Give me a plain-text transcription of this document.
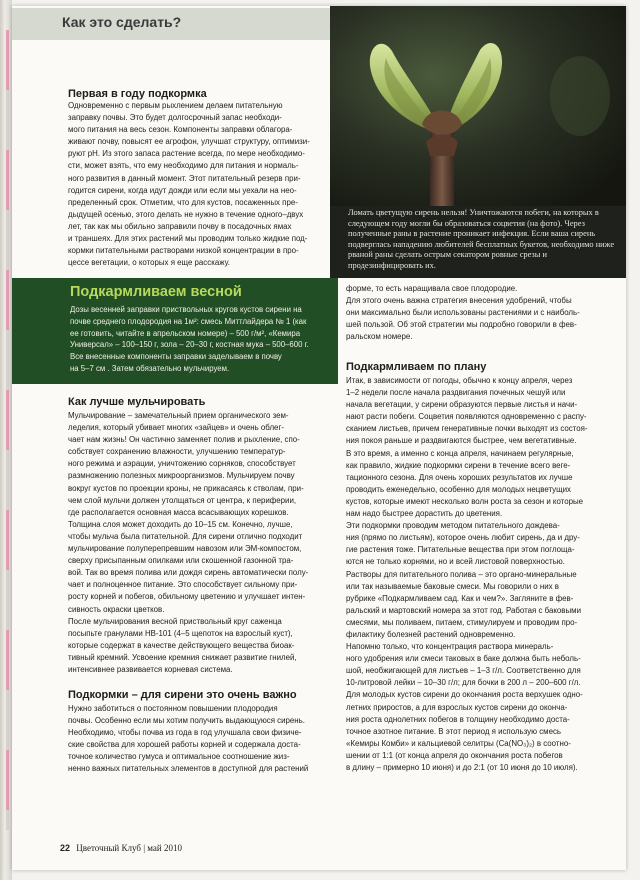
Как это сделать?
Ломать цветущую сирень нельзя! Уничтожаются побеги, на которых в следующем году могли бы образоваться соцветия (на фото). Через полученные раны в растение проникает инфекция. Если ваша сирень подверглась нападению любителей бесплатных букетов, необходимо ниже рваной раны сделать острым секатором ровные срезы и продезинфицировать их.
Первая в году подкормка
Одновременно с первым рыхлением делаем питательную
заправку почвы. Это будет долгосрочный запас необходи-
мого питания на весь сезон. Компоненты заправки облагора-
живают почву, повысят ее агрофон, улучшат структуру, оптимизи-
руют pH. Из этого запаса растение всегда, по мере необходимо-
сти, может взять, что ему необходимо для питания и нормаль-
ного развития в данный момент. Этот питательный резерв при-
годится сирени, когда идут дожди или если мы уехали на неo-
пределенный срок. Отметим, что для кустов, посаженных пре-
дыдущей осенью, этого делать не нужно в течение одного–двух
лет, так как мы обильно заправили почву в посадочных ямах
и траншеях. Для этих растений мы проводим только жидкие под-
кормки питательными растворами низкой концентрации в про-
цессе вегетации, о которых я еще расскажу.
Подкармливаем весной
Дозы весенней заправки приствольных кругов кустов сирени на
почве среднего плодородия на 1м²: смесь Миттлайдера № 1 (как
ее готовить, читайте в апрельском номере) – 500 г/м², «Кемира
Универсал» – 100–150 г, зола – 20–30 г, костная мука – 500–600 г.
Все внесенные компоненты заправки заделываем в почву
на 5–7 см . Затем обязательно мульчируем.
Как лучше мульчировать
Мульчирование – замечательный прием органического зем-
леделия, который убивает многих «зайцев» и очень облег-
чает нам жизнь! Он частично заменяет полив и рыхление, спо-
собствует сохранению влажности, улучшению температур-
ного режима и аэрации, уничтожению сорняков, способствует
размножению полезных микроорганизмов. Мульчируем почву
вокруг кустов по проекции кроны, не прикасаясь к стволам, при-
чем слой мульчи должен утолщаться от центра, к периферии,
где располагается основная масса всасывающих корешков.
Толщина слоя может доходить до 10–15 см. Конечно, лучше,
чтобы мульча была питательной. Для сирени отлично подходит
мульчирование полуперепревшим навозом или ЭМ-компостом,
сверху присыпанным опилками или скошенной газонной тра-
вой. Так во время полива или дождя сирень автоматически полу-
чает и полноценное питание. Это способствует сильному при-
росту корней и побегов, обильному цветению и улучшает интен-
сивность окраски цветков.
После мульчирования весной приствольный круг саженца
посыпьте гранулами HB-101 (4–5 щепоток на взрослый куст),
которые содержат в качестве действующего вещества биоак-
тивный кремний. Усвоение кремния снижает развитие гнилей,
интенсивнее развивается корневая система.
Подкормки – для сирени это очень важно
Нужно заботиться о постоянном повышении плодородия
почвы. Особенно если мы хотим получить выдающуюся сирень.
Необходимо, чтобы почва из года в год улучшала свои физиче-
ские свойства для хорошей работы корней и содержала доста-
точное количество гумуса и оптимальное соотношение жиз-
ненно важных питательных элементов в доступной для растений
форме, то есть наращивала свое плодородие.
Для этого очень важна стратегия внесения удобрений, чтобы
они максимально были использованы растениями и с наиболь-
шей пользой. Об этой стратегии мы подробно говорили в фев-
ральском номере.
Подкармливаем по плану
Итак, в зависимости от погоды, обычно к концу апреля, через
1–2 недели после начала раздвигания почечных чешуй или
начала вегетации, у сирени образуются первые листья и начи-
нают расти побеги. Соцветия появляются одновременно с распу-
сканием листьев, причем генеративные почки выходят из состоя-
ния покоя раньше и раздвигаются быстрее, чем вегетативные.
В это время, а именно с конца апреля, начинаем регулярные,
как правило, жидкие подкормки сирени в течение всего веге-
тационного сезона. Для очень хороших результатов их лучше
проводить еженедельно, особенно для молодых нецветущих
кустов, которые имеют несколько волн роста за сезон и которые
нам надо быстрее дорастить до цветения.
Эти подкормки проводим методом питательного дождева-
ния (прямо по листьям), которое очень любит сирень, да и дру-
гие растения тоже. Питательные вещества при этом поглоща-
ются не только корнями, но и всей листовой поверхностью.
Растворы для питательного полива – это органо-минеральные
или так называемые баковые смеси. Мы говорили о них в
рубрике «Подкармливаем сад. Как и чем?». Загляните в фев-
ральский и мартовский номера за этот год. Работая с баковыми
смесями, мы поливаем, питаем, стимулируем и проводим про-
филактику болезней растений одновременно.
Напомню только, что концентрация раствора минераль-
ного удобрения или смеси таковых в баке должна быть неболь-
шой, необжигающей для листьев – 1–3 г/л. Соответственно для
10-литровой лейки – 10–30 г/л; для бочки в 200 л – 200–600 г/л.
Для молодых кустов сирени до окончания роста верхушек одно-
летних приростов, а для взрослых кустов сирени до оконча-
ния роста однолетних побегов в толщину необходимо доста-
точное азотное питание. В этот период я использую смесь
«Кемиры Комби» и кальциевой селитры (Ca(NO₃)₂) в соотно-
шении от 1:1 (от конца апреля до окончания роста побегов
в длину – примерно 10 июня) и до 2:1 (от 10 июня до 10 июля).
22 Цветочный Клуб | май 2010
